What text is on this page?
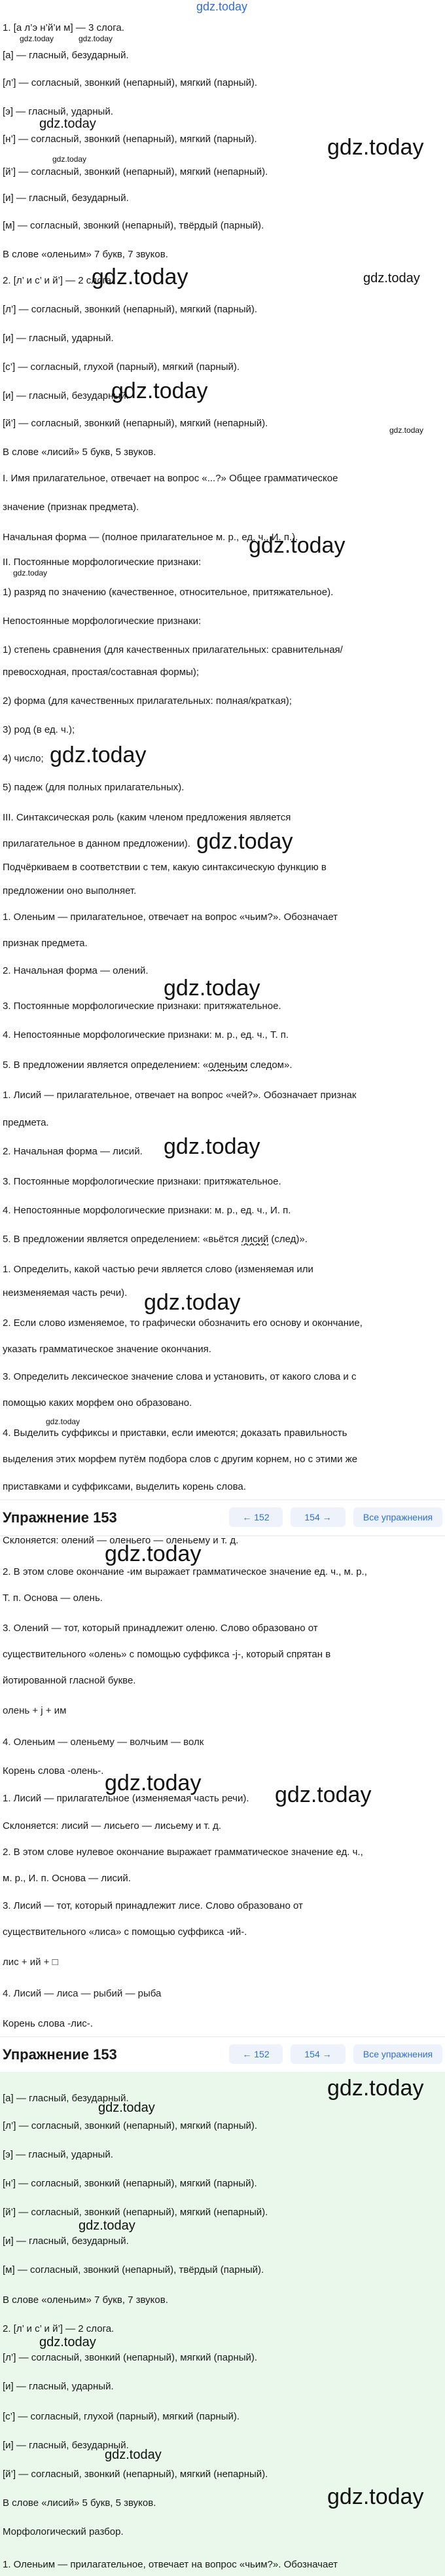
gdz.today
1. [а л’э н’й’и м] — 3 слога.
gdz.today	gdz.today
[а] — гласный, безударный.
[л’] — согласный, звонкий (непарный), мягкий (парный).
[э] — гласный, ударный.
gdz.today
[н’] — согласный, звонкий (непарный), мягкий (парный).	gdz.today
gdz.today
[й’] — согласный, звонкий (непарный), мягкий (непарный).
[и] — гласный, безударный.
[м] — согласный, звонкий (непарный), твёрдый (парный).
В слове «оленьим» 7 букв, 7 звуков.
2. [л’ и с’ и й’] — 2 слога.
gdz.today	gdz.today
[л’] — согласный, звонкий (непарный), мягкий (парный).
[и] — гласный, ударный.
[с’] — согласный, глухой (парный), мягкий (парный).
[и] — гласный, безударный.
gdz.today
[й’] — согласный, звонкий (непарный), мягкий (непарный).
gdz.today
В слове «лисий» 5 букв, 5 звуков.
I. Имя прилагательное, отвечает на вопрос «...?» Общее грамматическое
значение (признак предмета).
Начальная форма — (полное прилагательное м. р., ед. ч., И. п.).
gdz.today
II. Постоянные морфологические признаки:
gdz.today
1) разряд по значению (качественное, относительное, притяжательное).
Непостоянные морфологические признаки:
1) степень сравнения (для качественных прилагательных: сравнительная/
превосходная, простая/составная формы);
2) форма (для качественных прилагательных: полная/краткая);
3) род (в ед. ч.);
4) число; gdz.today
5) падеж (для полных прилагательных).
III. Синтаксическая роль (каким членом предложения является
прилагательное в данном предложении). gdz.today
Подчёркиваем в соответствии с тем, какую синтаксическую функцию в
предложении оно выполняет.
1. Оленьим — прилагательное, отвечает на вопрос «чьим?». Обозначает
признак предмета.
2. Начальная форма — олений.
gdz.today
3. Постоянные морфологические признаки: притяжательное.
4. Непостоянные морфологические признаки: м. р., ед. ч., Т. п.
5. В предложении является определением: «оленьим следом».
1. Лисий — прилагательное, отвечает на вопрос «чей?». Обозначает признак
предмета.
2. Начальная форма — лисий. gdz.today
3. Постоянные морфологические признаки: притяжательное.
4. Непостоянные морфологические признаки: м. р., ед. ч., И. п.
5. В предложении является определением: «вьётся лисий (след)».
1. Определить, какой частью речи является слово (изменяемая или
неизменяемая часть речи). gdz.today
2. Если слово изменяемое, то графически обозначить его основу и окончание,
указать грамматическое значение окончания.
3. Определить лексическое значение слова и установить, от какого слова и с
помощью каких морфем оно образовано.
gdz.today
4. Выделить суффиксы и приставки, если имеются; доказать правильность
выделения этих морфем путём подбора слов с другим корнем, но с этими же
приставками и суффиксами, выделить корень слова.
Упражнение 153	← 152	154 →	Все упражнения
Склоняется: олений — оленьего — оленьему и т. д.
gdz.today
2. В этом слове окончание -им выражает грамматическое значение ед. ч., м. р.,
Т. п. Основа — олень.
3. Олений — тот, который принадлежит оленю. Слово образовано от
существительного «олень» с помощью суффикса -j-, который спрятан в
йотированной гласной букве.
олень + j + им
4. Оленьим — оленьему — волчьим — волк
Корень слова -олень-. gdz.today
1. Лисий — прилагательное (изменяемая часть речи).	gdz.today
Склоняется: лисий — лисьего — лисьему и т. д.
2. В этом слове нулевое окончание выражает грамматическое значение ед. ч.,
м. р., И. п. Основа — лисий.
3. Лисий — тот, который принадлежит лисе. Слово образовано от
существительного «лиса» с помощью суффикса -ий-.
лис + ий + □
4. Лисий — лиса — рыбий — рыба
Корень слова -лис-.
Упражнение 153	← 152	154 →	Все упражнения
gdz.today
[а] — гласный, безударный.
gdz.today
[л’] — согласный, звонкий (непарный), мягкий (парный).
[э] — гласный, ударный.
[н’] — согласный, звонкий (непарный), мягкий (парный).
[й’] — согласный, звонкий (непарный), мягкий (непарный).
gdz.today
[и] — гласный, безударный.
[м] — согласный, звонкий (непарный), твёрдый (парный).
В слове «оленьим» 7 букв, 7 звуков.
2. [л’ и с’ и й’] — 2 слога.
gdz.today
[л’] — согласный, звонкий (непарный), мягкий (парный).
[и] — гласный, ударный.
[с’] — согласный, глухой (парный), мягкий (парный).
[и] — гласный, безударный.
gdz.today
[й’] — согласный, звонкий (непарный), мягкий (непарный).
В слове «лисий» 5 букв, 5 звуков.	gdz.today
Морфологический разбор.
1. Оленьим — прилагательное, отвечает на вопрос «чьим?». Обозначает
